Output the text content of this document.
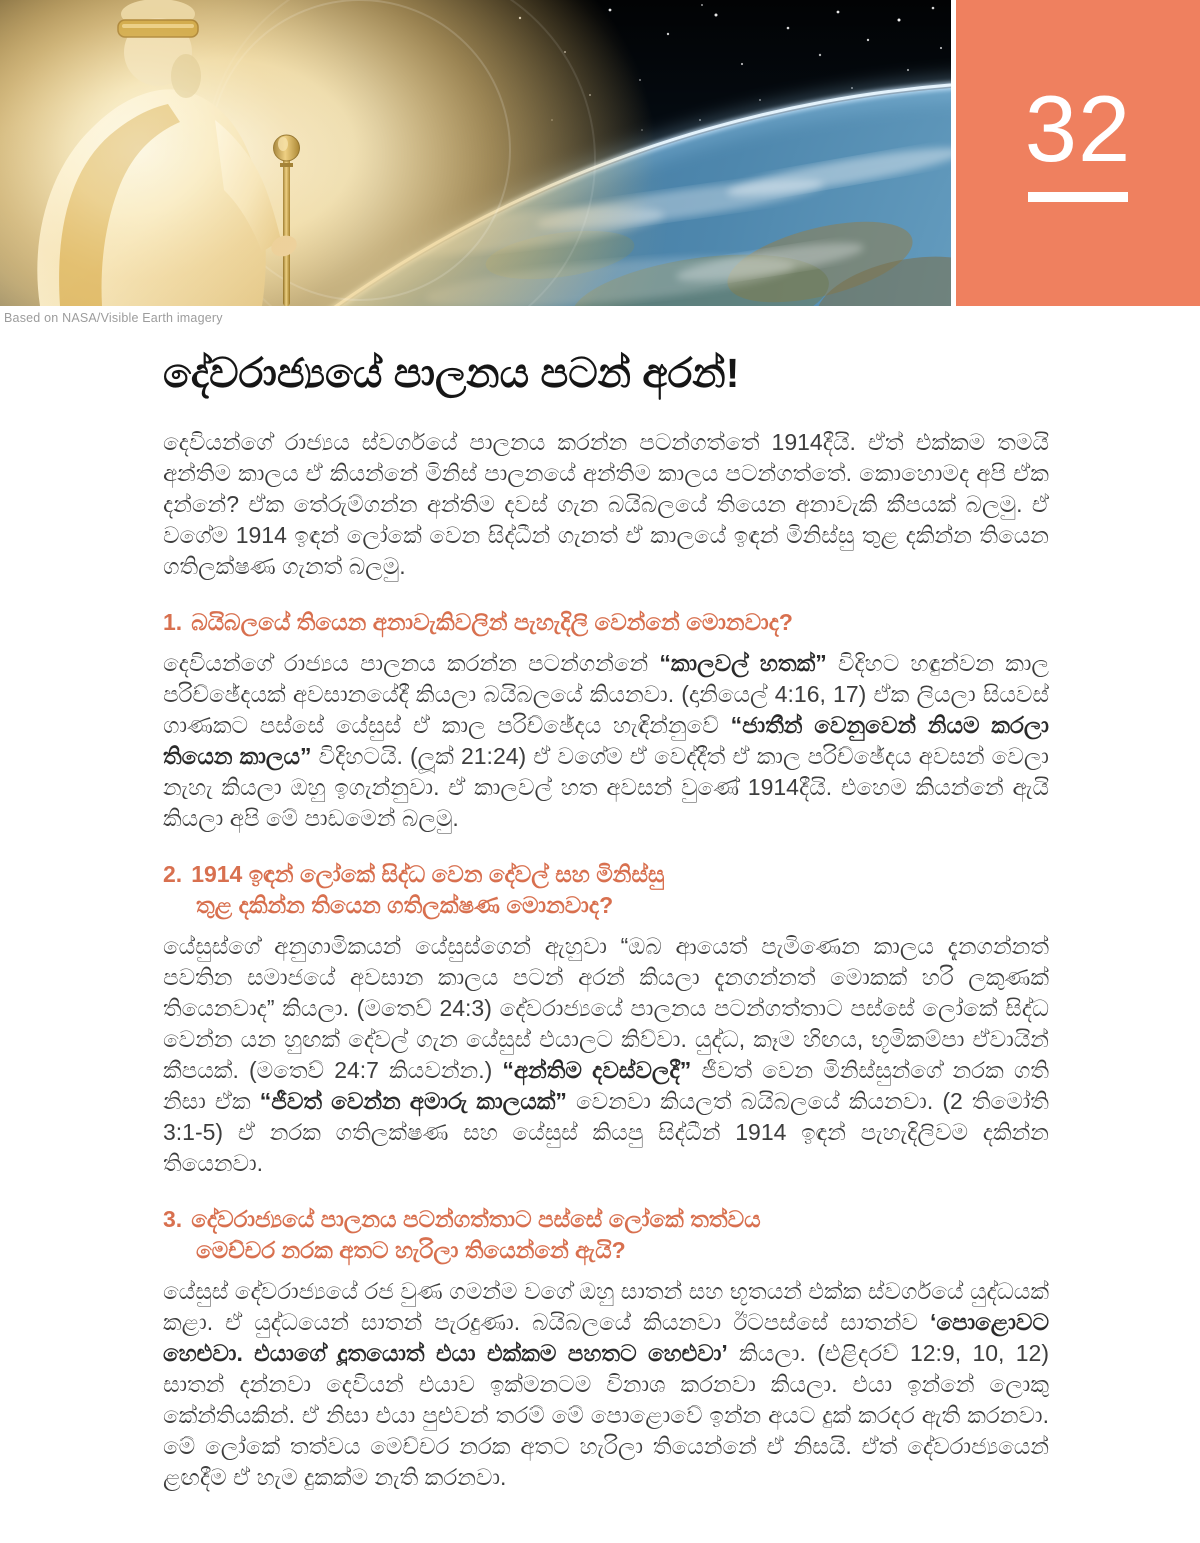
32
Based on NASA/Visible Earth imagery
දේවරාජ්‍යයේ පාලනය පටන් අරන්!

දෙවියන්ගේ රාජ්‍යය ස්වර්ගයේ පාලනය කරන්න පටන්ගත්තේ 1914දීයි. ඒත් එක්කම තමයි අන්තිම කාලය ඒ කියන්නේ මිනිස් පාලනයේ අන්තිම කාලය පටන්ගත්තේ. කොහොමද අපි ඒක දන්නේ? ඒක තේරුම්ගන්න අන්තිම දවස් ගැන බයිබලයේ තියෙන අනාවැකි කීපයක් බලමු. ඒ වගේම 1914 ඉඳන් ලෝකේ වෙන සිද්ධීන් ගැනත් ඒ කාලයේ ඉඳන් මිනිස්සු තුළ දකින්න තියෙන ගතිලක්ෂණ ගැනත් බලමු.

1. බයිබලයේ තියෙන අනාවැකිවලින් පැහැදිලි වෙන්නේ මොනවාද?

දෙවියන්ගේ රාජ්‍යය පාලනය කරන්න පටන්ගන්නේ “කාලවල් හතක්” විදිහට හඳුන්වන කාල පරිච්ඡේදයක් අවසානයේදී කියලා බයිබලයේ කියනවා. (දානියෙල් 4:16, 17) ඒක ලියලා සියවස් ගාණකට පස්සේ යේසුස් ඒ කාල පරිච්ඡේදය හැඳින්නුවේ “ජාතීන් වෙනුවෙන් නියම කරලා තියෙන කාලය” විදිහටයි. (ලූක් 21:24) ඒ වගේම ඒ වෙද්දීත් ඒ කාල පරිච්ඡේදය අවසන් වෙලා නැහැ කියලා ඔහු ඉගැන්නුවා. ඒ කාලවල් හත අවසන් වුණේ 1914දීයි. එහෙම කියන්නේ ඇයි කියලා අපි මේ පාඩමෙන් බලමු.

2. 1914 ඉඳන් ලෝකේ සිද්ධ වෙන දේවල් සහ මිනිස්සු
තුළ දකින්න තියෙන ගතිලක්ෂණ මොනවාද?

යේසුස්ගේ අනුගාමිකයන් යේසුස්ගෙන් ඇහුවා “ඔබ ආයෙත් පැමිණෙන කාලය දැනගන්නත් පවතින සමාජයේ අවසාන කාලය පටන් අරන් කියලා දැනගන්නත් මොකක් හරි ලකුණක් තියෙනවාද” කියලා. (මතෙව් 24:3) දේවරාජ්‍යයේ පාලනය පටන්ගත්තාට පස්සේ ලෝකේ සිද්ධ වෙන්න යන හුඟක් දේවල් ගැන යේසුස් එයාලට කිව්වා. යුද්ධ, කෑම හිඟය, භූමිකම්පා ඒවායින් කීපයක්. (මතෙව් 24:7 කියවන්න.) “අන්තිම දවස්වලදී” ජීවත් වෙන මිනිස්සුන්ගේ නරක ගති නිසා ඒක “ජීවත් වෙන්න අමාරු කාලයක්” වෙනවා කියලත් බයිබලයේ කියනවා. (2 තිමෝති 3:1-5) ඒ නරක ගතිලක්ෂණ සහ යේසුස් කියපු සිද්ධීන් 1914 ඉඳන් පැහැදිලිවම දකින්න තියෙනවා.

3. දේවරාජ්‍යයේ පාලනය පටන්ගත්තාට පස්සේ ලෝකේ තත්වය
මෙච්චර නරක අතට හැරිලා තියෙන්නේ ඇයි?

යේසුස් දේවරාජ්‍යයේ රජ වුණ ගමන්ම වගේ ඔහු සාතන් සහ භූතයන් එක්ක ස්වර්ගයේ යුද්ධයක් කළා. ඒ යුද්ධයෙන් සාතන් පැරදුණා. බයිබලයේ කියනවා ඊටපස්සේ සාතන්ව ‘පොළොවට හෙළුවා. එයාගේ දූතයොත් එයා එක්කම පහතට හෙළුවා’ කියලා. (එළිදරව් 12:9, 10, 12) සාතන් දන්නවා දෙවියන් එයාව ඉක්මනටම විනාශ කරනවා කියලා. එයා ඉන්නේ ලොකු කේන්තියකින්. ඒ නිසා එයා පුළුවන් තරම් මේ පොළොවේ ඉන්න අයට දුක් කරදර ඇති කරනවා. මේ ලෝකේ තත්වය මෙච්චර නරක අතට හැරිලා තියෙන්නේ ඒ නිසයි. ඒත් දේවරාජ්‍යයෙන් ළඟදීම ඒ හැම දුකක්ම නැති කරනවා.
